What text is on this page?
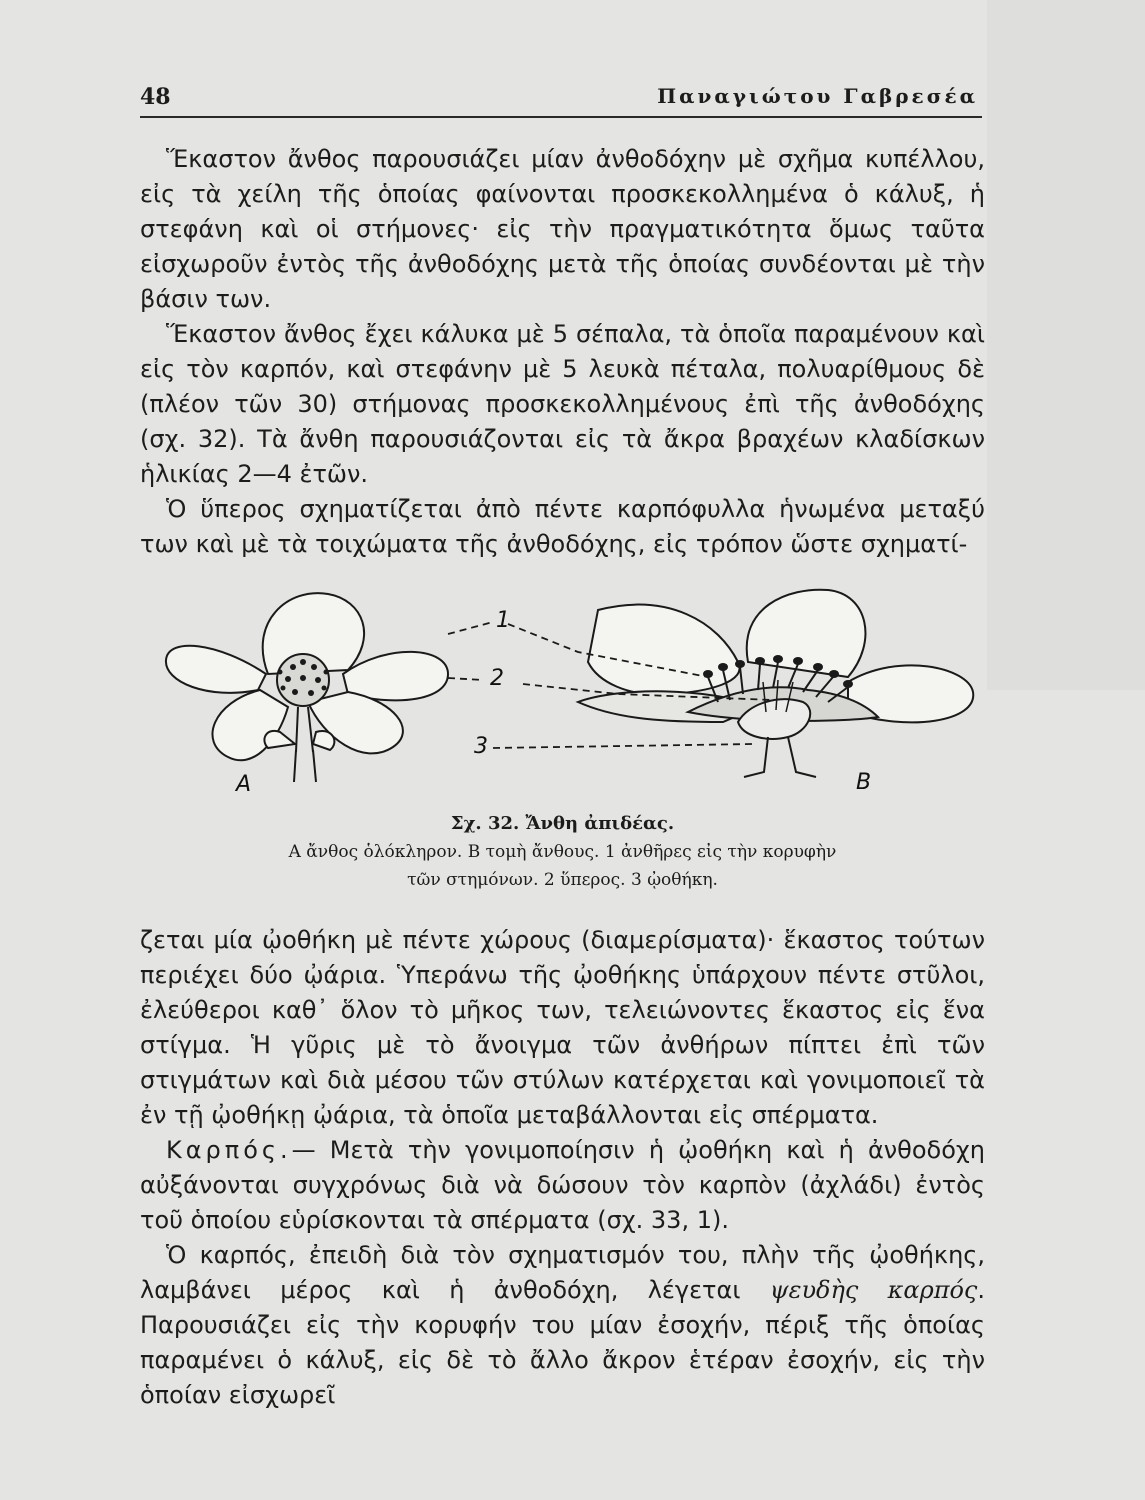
48	Παναγιώτου Γαβρεσέα

Ἕκαστον ἄνθος παρουσιάζει μίαν ἀνθοδόχην μὲ σχῆμα κυπέλλου, εἰς τὰ χείλη τῆς ὁποίας φαίνονται προσκεκολλημένα ὁ κάλυξ, ἡ στεφάνη καὶ οἱ στήμονες· εἰς τὴν πραγματικότητα ὅμως ταῦτα εἰσχωροῦν ἐντὸς τῆς ἀνθοδόχης μετὰ τῆς ὁποίας συνδέονται μὲ τὴν βάσιν των.

Ἕκαστον ἄνθος ἔχει κάλυκα μὲ 5 σέπαλα, τὰ ὁποῖα παραμένουν καὶ εἰς τὸν καρπόν, καὶ στεφάνην μὲ 5 λευκὰ πέταλα, πολυαρίθμους δὲ (πλέον τῶν 30) στήμονας προσκεκολλημένους ἐπὶ τῆς ἀνθοδόχης (σχ. 32). Τὰ ἄνθη παρουσιάζονται εἰς τὰ ἄκρα βραχέων κλαδίσκων ἡλικίας 2—4 ἐτῶν.

Ὁ ὕπερος σχηματίζεται ἀπὸ πέντε καρπόφυλλα ἡνωμένα μεταξύ των καὶ μὲ τὰ τοιχώματα τῆς ἀνθοδόχης, εἰς τρόπον ὥστε σχηματί-

A	B
1
2
3
Σχ. 32. Ἄνθη ἀπιδέας.
Α ἄνθος ὁλόκληρον. Β τομὴ ἄνθους. 1 ἀνθῆρες εἰς τὴν κορυφὴν
τῶν στημόνων. 2 ὕπερος. 3 ᾠοθήκη.

ζεται μία ᾠοθήκη μὲ πέντε χώρους (διαμερίσματα)· ἕκαστος τούτων περιέχει δύο ᾠάρια. Ὑπεράνω τῆς ᾠοθήκης ὑπάρχουν πέντε στῦλοι, ἐλεύθεροι καθ᾽ ὅλον τὸ μῆκος των, τελειώνοντες ἕκαστος εἰς ἕνα στίγμα. Ἡ γῦρις μὲ τὸ ἄνοιγμα τῶν ἀνθήρων πίπτει ἐπὶ τῶν στιγμάτων καὶ διὰ μέσου τῶν στύλων κατέρχεται καὶ γονιμοποιεῖ τὰ ἐν τῇ ᾠοθήκῃ ᾠάρια, τὰ ὁποῖα μεταβάλλονται εἰς σπέρματα.

Καρπός.— Μετὰ τὴν γονιμοποίησιν ἡ ᾠοθήκη καὶ ἡ ἀνθοδόχη αὐξάνονται συγχρόνως διὰ νὰ δώσουν τὸν καρπὸν (ἀχλάδι) ἐντὸς τοῦ ὁποίου εὑρίσκονται τὰ σπέρματα (σχ. 33, 1).

Ὁ καρπός, ἐπειδὴ διὰ τὸν σχηματισμόν του, πλὴν τῆς ᾠοθήκης, λαμβάνει μέρος καὶ ἡ ἀνθοδόχη, λέγεται ψευδὴς καρπός. Παρουσιάζει εἰς τὴν κορυφήν του μίαν ἐσοχήν, πέριξ τῆς ὁποίας παραμένει ὁ κάλυξ, εἰς δὲ τὸ ἄλλο ἄκρον ἑτέραν ἐσοχήν, εἰς τὴν ὁποίαν εἰσχωρεῖ
